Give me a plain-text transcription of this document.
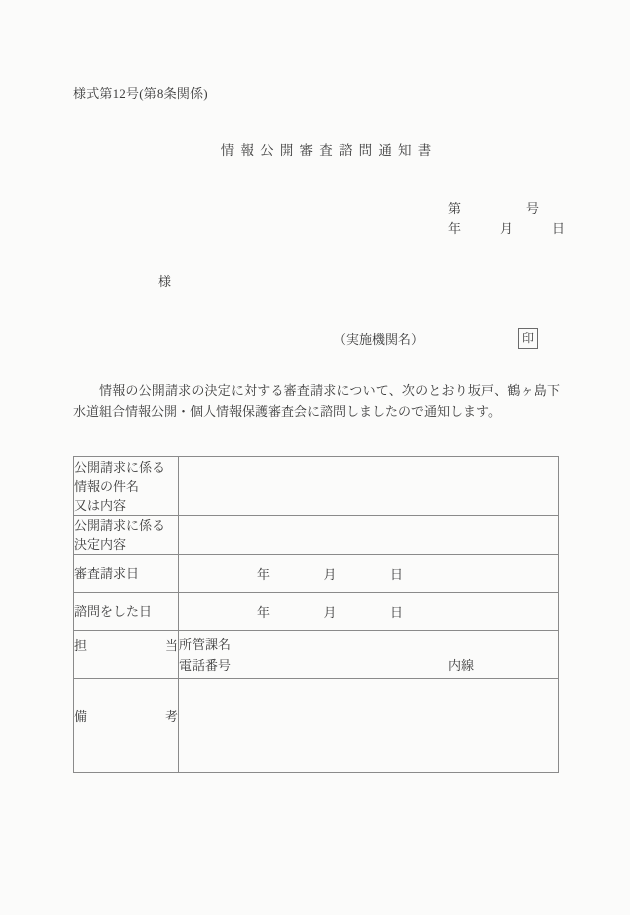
様式第12号(第8条関係)
情報公開審査諮問通知書
第　　　　　号
年　　　月　　　日
様
（実施機関名）	印
情報の公開請求の決定に対する審査請求について、次のとおり坂戸、鶴ヶ島下水道組合情報公開・個人情報保護審査会に諮問しましたので通知します。
公開請求に係る
情報の件名
又は内容	

公開請求に係る
決定内容	

審査請求日	年　　　　月　　　　日

諮問をした日	年　　　　月　　　　日

担当	所管課名
電話番号 内線

備考	
